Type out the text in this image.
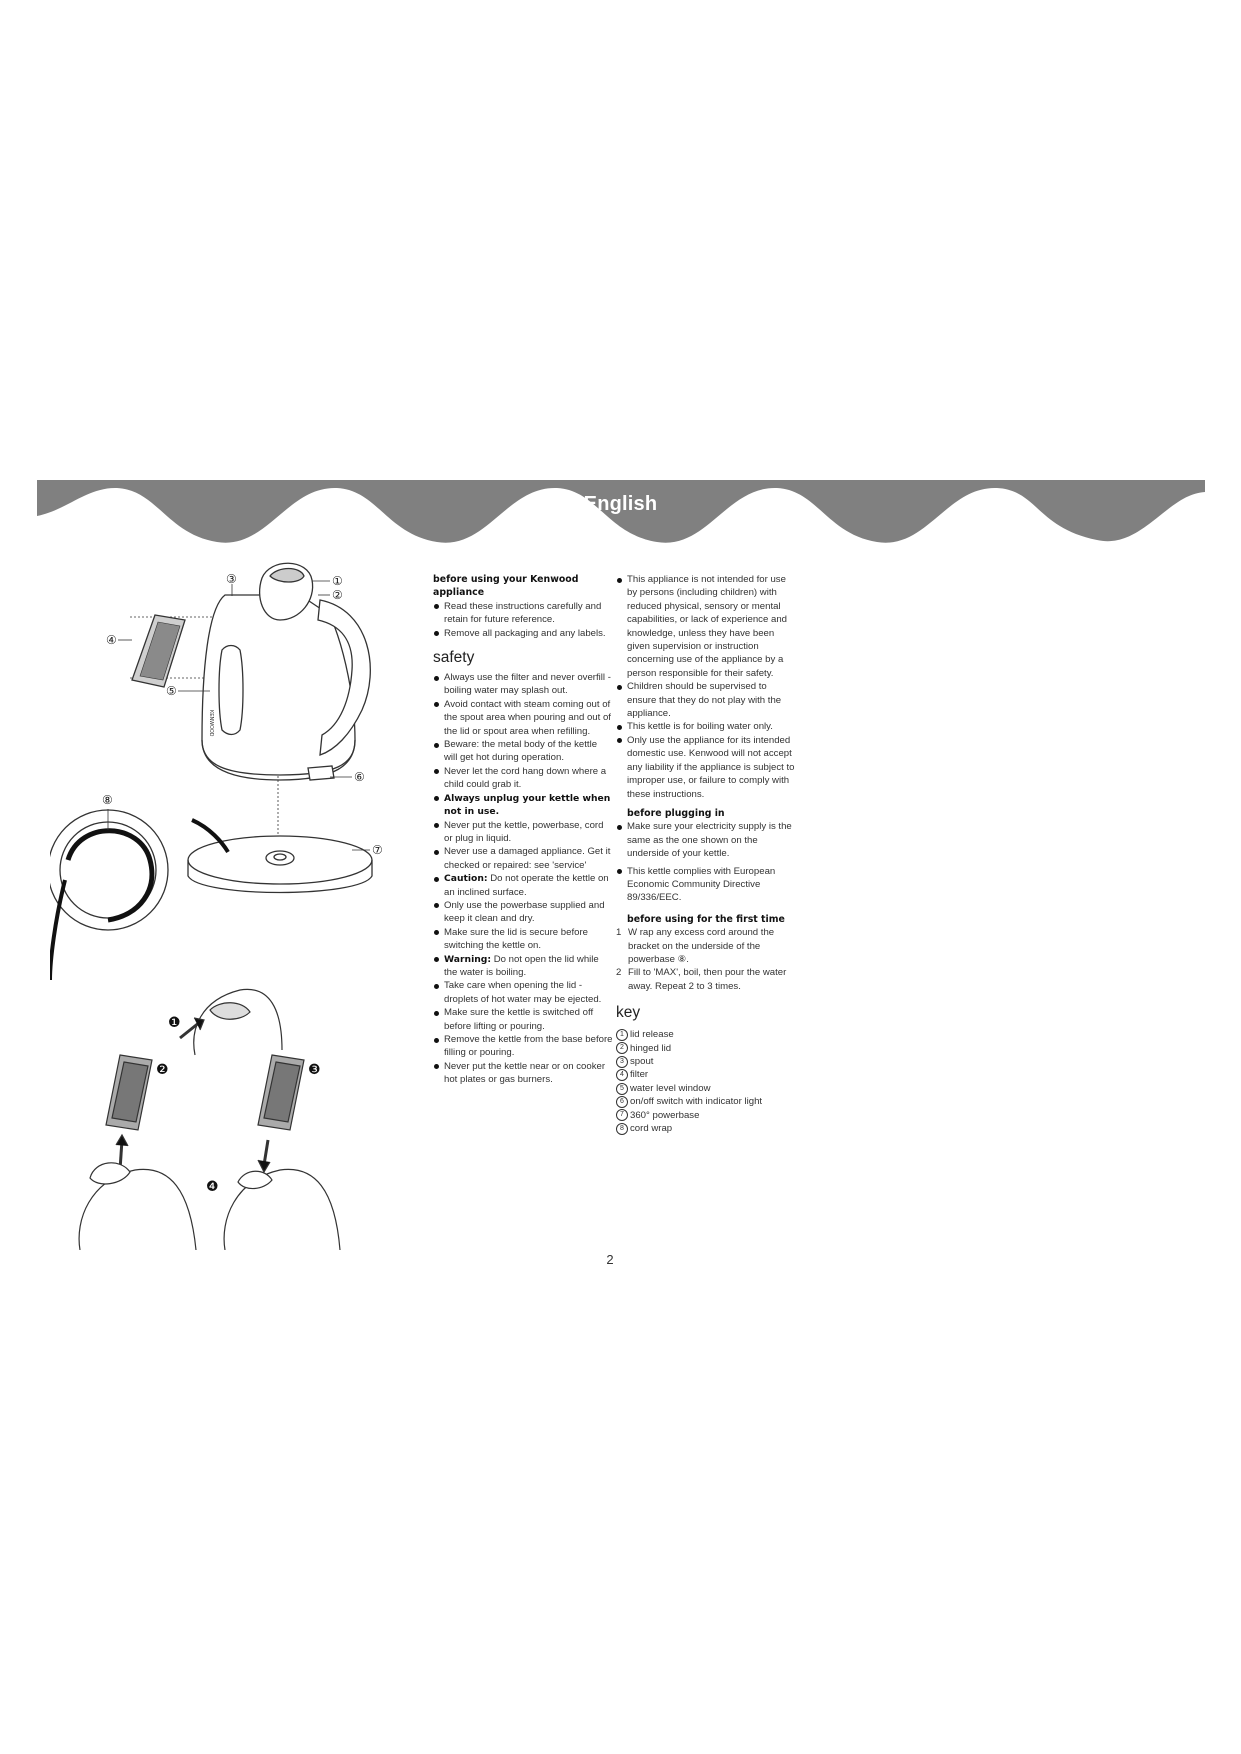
English
③	①
②
④
⑤
⑥
⑦
⑧
KENWOOD
❶
❷	❸
❹

before using your Kenwood appliance

Read these instructions carefully and retain for future reference.
Remove all packaging and any labels.
safety
Always use the filter and never overfill - boiling water may splash out.
Avoid contact with steam coming out of the spout area when pouring and out of the lid or spout area when refilling.
Beware: the metal body of the kettle will get hot during operation.
Never let the cord hang down where a child could grab it.
Always unplug your kettle when not in use.
Never put the kettle, powerbase, cord or plug in liquid.
Never use a damaged appliance. Get it checked or repaired: see 'service'
Caution: Do not operate the kettle on an inclined surface.
Only use the powerbase supplied and keep it clean and dry.
Make sure the lid is secure before switching the kettle on.
Warning: Do not open the lid while the water is boiling.
Take care when opening the lid - droplets of hot water may be ejected.
Make sure the kettle is switched off before lifting or pouring.
Remove the kettle from the base before filling or pouring.
Never put the kettle near or on cooker hot plates or gas burners.
This appliance is not intended for use by persons (including children) with reduced physical, sensory or mental capabilities, or lack of experience and knowledge, unless they have been given supervision or instruction concerning use of the appliance by a person responsible for their safety.
Children should be supervised to ensure that they do not play with the appliance.
This kettle is for boiling water only.
Only use the appliance for its intended domestic use. Kenwood will not accept any liability if the appliance is subject to improper use, or failure to comply with these instructions.

before plugging in

Make sure your electricity supply is the same as the one shown on the underside of your kettle.
This kettle complies with European Economic Community Directive 89/336/EEC.

before using for the first time

1 W rap any excess cord around the bracket on the underside of the powerbase ⑧.
2 Fill to 'MAX', boil, then pour the water away. Repeat 2 to 3 times.
key
1 lid release
2 hinged lid
3 spout
4 filter
5 water level window
6 on/off switch with indicator light
7 360° powerbase
8 cord wrap
2
